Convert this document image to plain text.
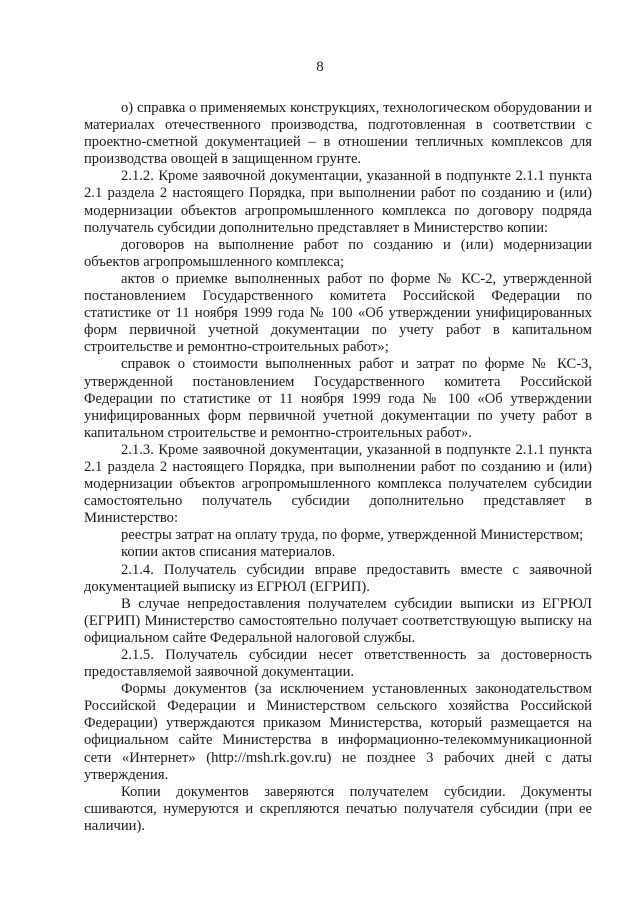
8

о) справка о применяемых конструкциях, технологическом оборудовании и материалах отечественного производства, подготовленная в соответствии с проектно-сметной документацией – в отношении тепличных комплексов для производства овощей в защищенном грунте.

2.1.2. Кроме заявочной документации, указанной в подпункте 2.1.1 пункта 2.1 раздела 2 настоящего Порядка, при выполнении работ по созданию и (или) модернизации объектов агропромышленного комплекса по договору подряда получатель субсидии дополнительно представляет в Министерство копии:

договоров на выполнение работ по созданию и (или) модернизации объектов агропромышленного комплекса;

актов о приемке выполненных работ по форме № КС-2, утвержденной постановлением Государственного комитета Российской Федерации по статистике от 11 ноября 1999 года № 100 «Об утверждении унифицированных форм первичной учетной документации по учету работ в капитальном строительстве и ремонтно-строительных работ»;

справок о стоимости выполненных работ и затрат по форме № КС-3, утвержденной постановлением Государственного комитета Российской Федерации по статистике от 11 ноября 1999 года № 100 «Об утверждении унифицированных форм первичной учетной документации по учету работ в капитальном строительстве и ремонтно-строительных работ».

2.1.3. Кроме заявочной документации, указанной в подпункте 2.1.1 пункта 2.1 раздела 2 настоящего Порядка, при выполнении работ по созданию и (или) модернизации объектов агропромышленного комплекса получателем субсидии самостоятельно получатель субсидии дополнительно представляет в Министерство:

реестры затрат на оплату труда, по форме, утвержденной Министерством;

копии актов списания материалов.

2.1.4. Получатель субсидии вправе предоставить вместе с заявочной документацией выписку из ЕГРЮЛ (ЕГРИП).

В случае непредоставления получателем субсидии выписки из ЕГРЮЛ (ЕГРИП) Министерство самостоятельно получает соответствующую выписку на официальном сайте Федеральной налоговой службы.

2.1.5. Получатель субсидии несет ответственность за достоверность предоставляемой заявочной документации.

Формы документов (за исключением установленных законодательством Российской Федерации и Министерством сельского хозяйства Российской Федерации) утверждаются приказом Министерства, который размещается на официальном сайте Министерства в информационно-телекоммуникационной сети «Интернет» (http://msh.rk.gov.ru) не позднее 3 рабочих дней с даты утверждения.

Копии документов заверяются получателем субсидии. Документы сшиваются, нумеруются и скрепляются печатью получателя субсидии (при ее наличии).
